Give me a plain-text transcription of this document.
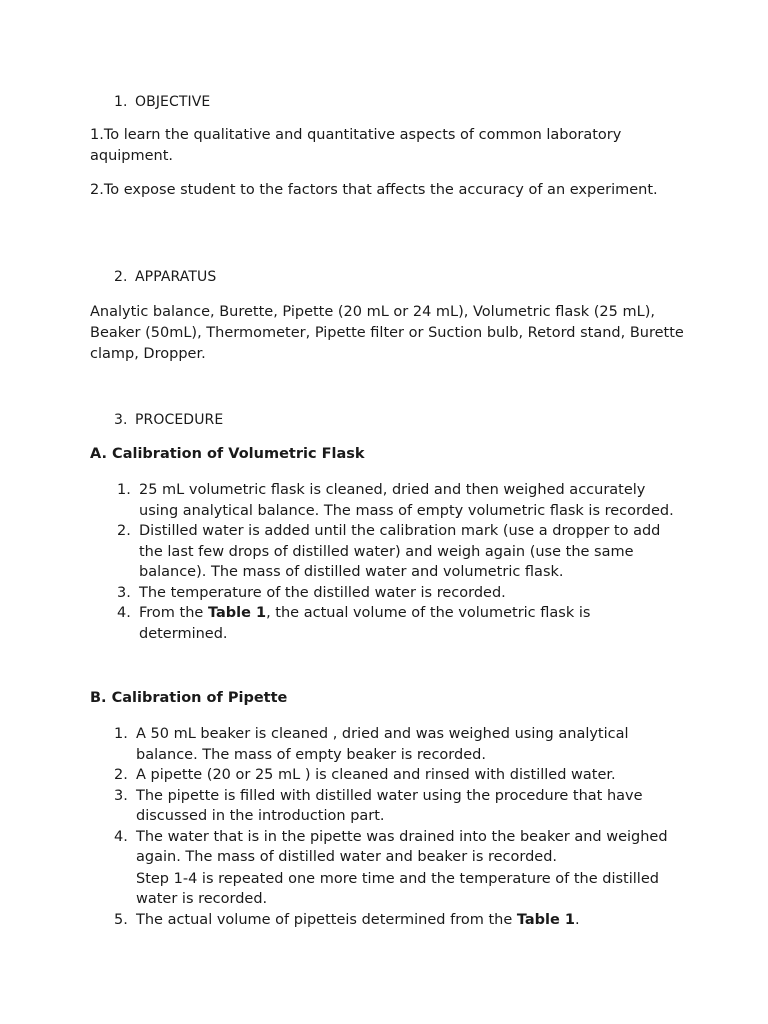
1. OBJECTIVE

1.To learn the qualitative and quantitative aspects of common laboratory aquipment.

2.To expose student to the factors that affects the accuracy of an experiment.

2. APPARATUS

Analytic balance, Burette, Pipette (20 mL or 24 mL), Volumetric flask (25 mL), Beaker (50mL), Thermometer, Pipette filter or Suction bulb, Retord stand, Burette clamp, Dropper.

3. PROCEDURE

A. Calibration of Volumetric Flask

1. 25 mL volumetric flask is cleaned, dried and then weighed accurately using analytical balance. The mass of empty volumetric flask is recorded.
2. Distilled water is added until the calibration mark (use a dropper to add the last few drops of distilled water) and weigh again (use the same balance). The mass of distilled water and volumetric flask.
3. The temperature of the distilled water is recorded.
4. From the Table 1, the actual volume of the volumetric flask is determined.

B. Calibration of Pipette

1. A 50 mL beaker is cleaned , dried and was weighed using analytical balance. The mass of empty beaker is recorded.
2. A pipette (20 or 25 mL ) is cleaned and rinsed with distilled water.
3. The pipette is filled with distilled water using the procedure that have discussed in the introduction part.
4. The water that is in the pipette was drained into the beaker and weighed again. The mass of distilled water and beaker is recorded.
Step 1-4 is repeated one more time and the temperature of the distilled water is recorded.
5. The actual volume of pipetteis determined from the Table 1.
